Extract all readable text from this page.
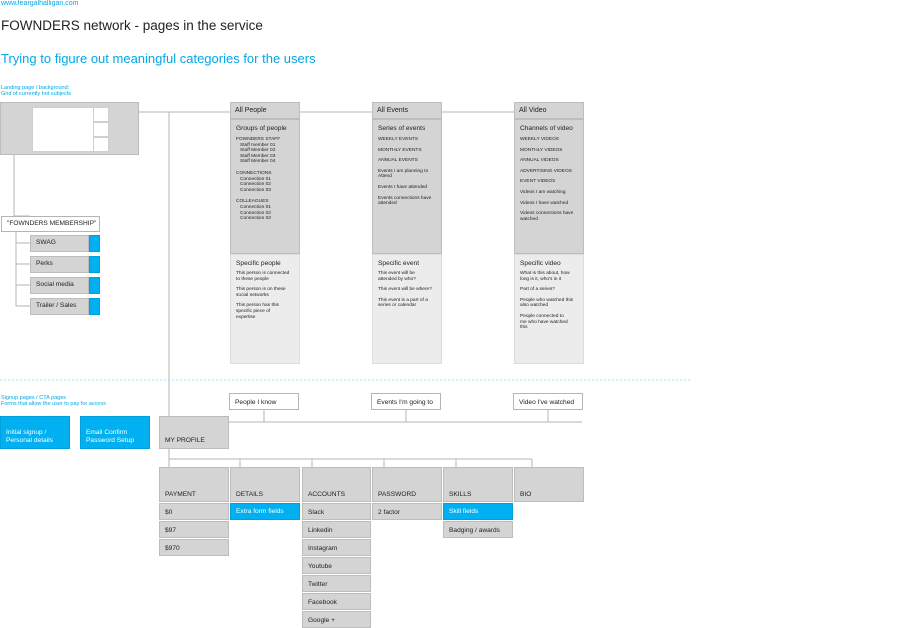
www.feargalhalligan.com
FOWNDERS network - pages in the service
Trying to figure out meaningful categories for the users
Landing page / background:
Grid of currently hot subjects
"FOWNDERS MEMBERSHIP"
SWAG
Perks
Social media
Trailer / Sales
All People
Groups of people
FOWNDERS STAFF
Staff member 01
Staff Member 02
Staff Member 03
Staff Member 04
CONNECTIONS
Connection 01
Connection 02
Connection 03
COLLEAGUES
Connection 01
Connection 02
Connection 03
Specific people
This person is connected
to these people
This person is on these
social networks
This person has this
specific piece of
expertise
People I know
All Events
Series of events
WEEKLY EVENTS
MONTHLY EVENTS
ANNUAL EVENTS
Events I am planning to
Attend
Events I have attended
Events connections have
attended
Specific event
This event will be
attended by who?
This event will be where?
This event is a part of a
series or calendar
Events I'm going to
All Video
Channels of video
WEEKLY VIDEOS
MONTHLY VIDEOS
ANNUAL VIDEOS
ADVERTISING VIDEOS
EVENT VIDEOS
Videos I am watching
Videos I have watched
Videos connections have
watched
Specific video
What is this about, how
long is it, who's in it
Part of a series?
People who watched this
also watched
People connected to
me who have watched
this
Video I've watched
Signup pages / CTA pages
Forms that allow the user to pay for access
Initial signup /
Personal details
Email Confirm
Password Setup	MY PROFILE
PAYMENT
$0
$97
$970
DETAILS
Extra form fields
ACCOUNTS
Slack
Linkedin
Instagram
Youtube
Twitter
Facebook
Google +
PASSWORD
2 factor
SKILLS
Skill fields
Badging / awards
BIO
